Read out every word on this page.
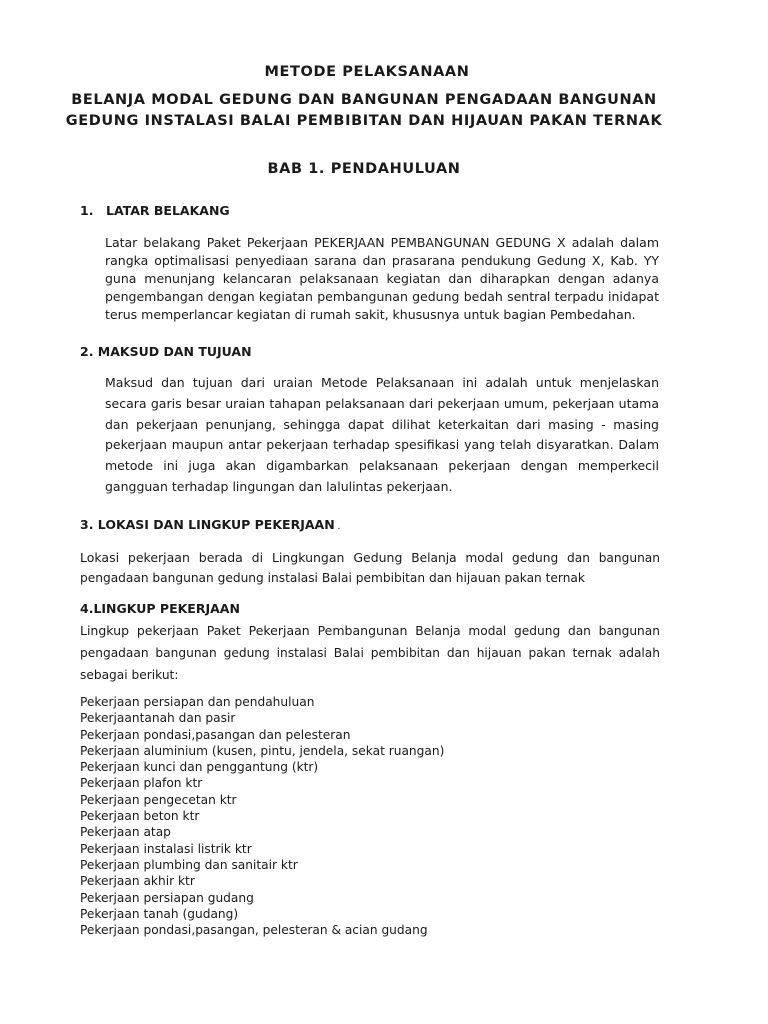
METODE PELAKSANAAN
BELANJA MODAL GEDUNG DAN BANGUNAN PENGADAAN BANGUNAN
GEDUNG INSTALASI BALAI PEMBIBITAN DAN HIJAUAN PAKAN TERNAK
BAB 1. PENDAHULUAN
1. LATAR BELAKANG
Latar belakang Paket Pekerjaan PEKERJAAN PEMBANGUNAN GEDUNG X adalah dalam rangka optimalisasi penyediaan sarana dan prasarana pendukung Gedung X, Kab. YY guna menunjang kelancaran pelaksanaan kegiatan dan diharapkan dengan adanya pengembangan dengan kegiatan pembangunan gedung bedah sentral terpadu inidapat terus memperlancar kegiatan di rumah sakit, khususnya untuk bagian Pembedahan.
2. MAKSUD DAN TUJUAN
Maksud dan tujuan dari uraian Metode Pelaksanaan ini adalah untuk menjelaskan secara garis besar uraian tahapan pelaksanaan dari pekerjaan umum, pekerjaan utama dan pekerjaan penunjang, sehingga dapat dilihat keterkaitan dari masing - masing pekerjaan maupun antar pekerjaan terhadap spesifikasi yang telah disyaratkan. Dalam metode ini juga akan digambarkan pelaksanaan pekerjaan dengan memperkecil gangguan terhadap lingungan dan lalulintas pekerjaan.
3. LOKASI DAN LINGKUP PEKERJAAN .
Lokasi pekerjaan berada di Lingkungan Gedung Belanja modal gedung dan bangunan pengadaan bangunan gedung instalasi Balai pembibitan dan hijauan pakan ternak
4.LINGKUP PEKERJAAN
Lingkup pekerjaan Paket Pekerjaan Pembangunan Belanja modal gedung dan bangunan pengadaan bangunan gedung instalasi Balai pembibitan dan hijauan pakan ternak adalah sebagai berikut:
Pekerjaan persiapan dan pendahuluan
Pekerjaantanah dan pasir
Pekerjaan pondasi,pasangan dan pelesteran
Pekerjaan aluminium (kusen, pintu, jendela, sekat ruangan)
Pekerjaan kunci dan penggantung (ktr)
Pekerjaan plafon ktr
Pekerjaan pengecetan ktr
Pekerjaan beton ktr
Pekerjaan atap
Pekerjaan instalasi listrik ktr
Pekerjaan plumbing dan sanitair ktr
Pekerjaan akhir ktr
Pekerjaan persiapan gudang
Pekerjaan tanah (gudang)
Pekerjaan pondasi,pasangan, pelesteran & acian gudang
